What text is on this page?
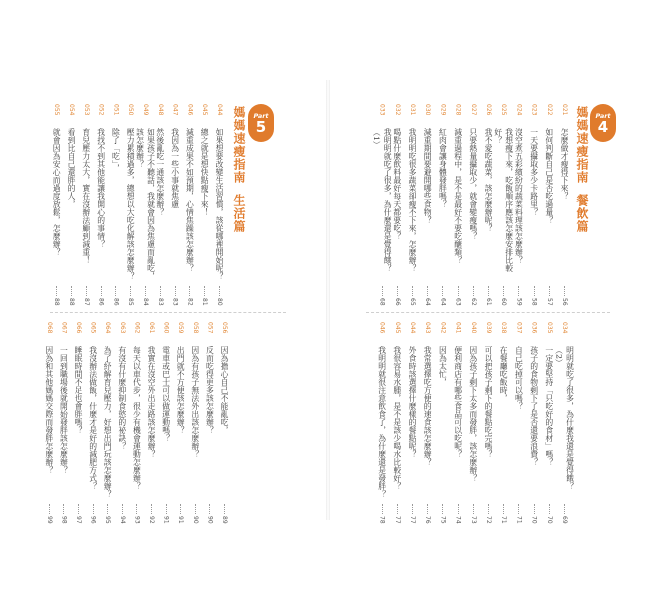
Part
5
媽媽速瘦指南
生活篇
044
如果想要改變生活習慣，該從哪裡開始呢？
80
045
總之就是想快點瘦下來！
81
046
減重成果不如預期，心情焦躁該怎麼辦？
82
047
我因為一些小事就焦慮
83
048
然後亂吃一通該怎麼辦？
83
049
如果孩子不聽話，我就會因為焦慮而亂吃，該怎麼辦？
84
050
壓力累積過多，總想以大吃化解該怎麼辦？
85
051
除了「吃」，
86
052
我找不到其他能讓我開心的事情？
86
053
育兒壓力太大，實在沒辦法顧到減重！
87
054
看到比自己還胖的人，
88
055
就會因為安心而過度放鬆，怎麼辦？
88
056
因為擔心自己不能亂吃，
89
057
反而吃得更多該怎麼辦？
90
058
因為有孩子無法外出該怎麼辦？
90
059
出門就不方便該怎麼辦？
91
060
電車或巴士可以做運動嗎？
91
061
我實在沒空外出走路該怎麼辦？
92
062
每天以車代步，很少有機會運動怎麼辦？
93
063
有沒有什麼抑制食慾的祕訣？
94
064
為了紓解育兒壓力，好想出門玩該怎麼辦？
95
065
我沒辦法做飯，什麼才是好的減肥方式？
96
066
睡眠時間不足也會胖嗎？
97
067
一回到職場後就開始發胖該怎麼辦？
98
068
因為和其他媽媽交際而發胖怎麼辦？
99
Part
4
媽媽速瘦指南
餐飲篇
021
怎麼做才瘦得下來？
56
022
如何判斷自己是否吃過量？
57
023
一天要攝取多少卡路里？
58
024
沒空煮五彩繽紛的蔬菜料理該怎麼辦？
59
025
我想瘦下來，吃飯順序應該怎麼安排比較好？
60
026
我不愛吃蔬菜，該怎麼辦呢？
61
027
只要熱量攝取少，就會變瘦嗎？
62
028
減重過程中，是不是最好不要吃醣類？
63
029
紅肉會讓身體發胖嗎？
64
030
減重期間要避開哪些食物？
64
031
我明明吃很多蔬菜卻瘦不下來，怎麼辦？
65
032
喝點什麼飲料最好每天都要吃？
66
033
我明明就吃了很多，為什麼還是覺得餓？（1）
68
034
明明就吃了很多，為什麼我還是覺得餓？（2）
69
035
一定要堅持「只吃好的食材」嗎？
70
036
孩子的食物剩下了是否還要浪費？
70
037
自己吃掉可以嗎？
71
038
在餐廳吃飯時，
71
039
可以把孩子剩下的餐點吃完嗎？
72
040
因為孩子剩下太多而發胖，該怎麼辦？
73
041
便利商店有哪些食品可以吃呢？
74
042
因為太忙，
75
043
我常選擇吃方便的速食該怎麼辦？
76
044
外食時該選擇什麼樣的餐點呢？
77
045
我很容易水腫，是不是該少喝水比較好？
77
046
我明明就很注意飲食了，為什麼還是發胖？
78
